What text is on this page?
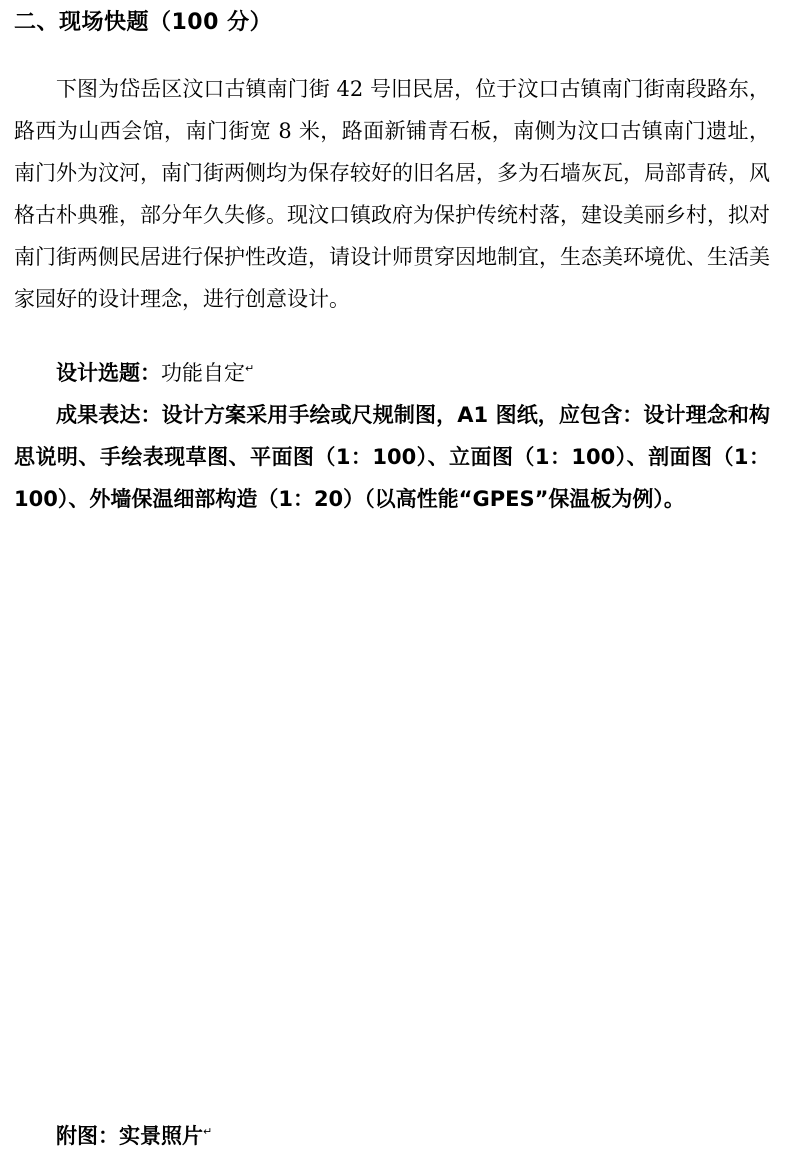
二、现场快题（100 分）

下图为岱岳区汶口古镇南门街 42 号旧民居，位于汶口古镇南门街南段路东，路西为山西会馆，南门街宽 8 米，路面新铺青石板，南侧为汶口古镇南门遗址，南门外为汶河，南门街两侧均为保存较好的旧名居，多为石墙灰瓦，局部青砖，风格古朴典雅，部分年久失修。现汶口镇政府为保护传统村落，建设美丽乡村，拟对南门街两侧民居进行保护性改造，请设计师贯穿因地制宜，生态美环境优、生活美家园好的设计理念，进行创意设计。

设计选题：功能自定↵

成果表达：设计方案采用手绘或尺规制图，A1 图纸，应包含：设计理念和构思说明、手绘表现草图、平面图（1：100）、立面图（1：100）、剖面图（1：100）、外墙保温细部构造（1：20）（以高性能“GPES”保温板为例）。

附图：实景照片↵
